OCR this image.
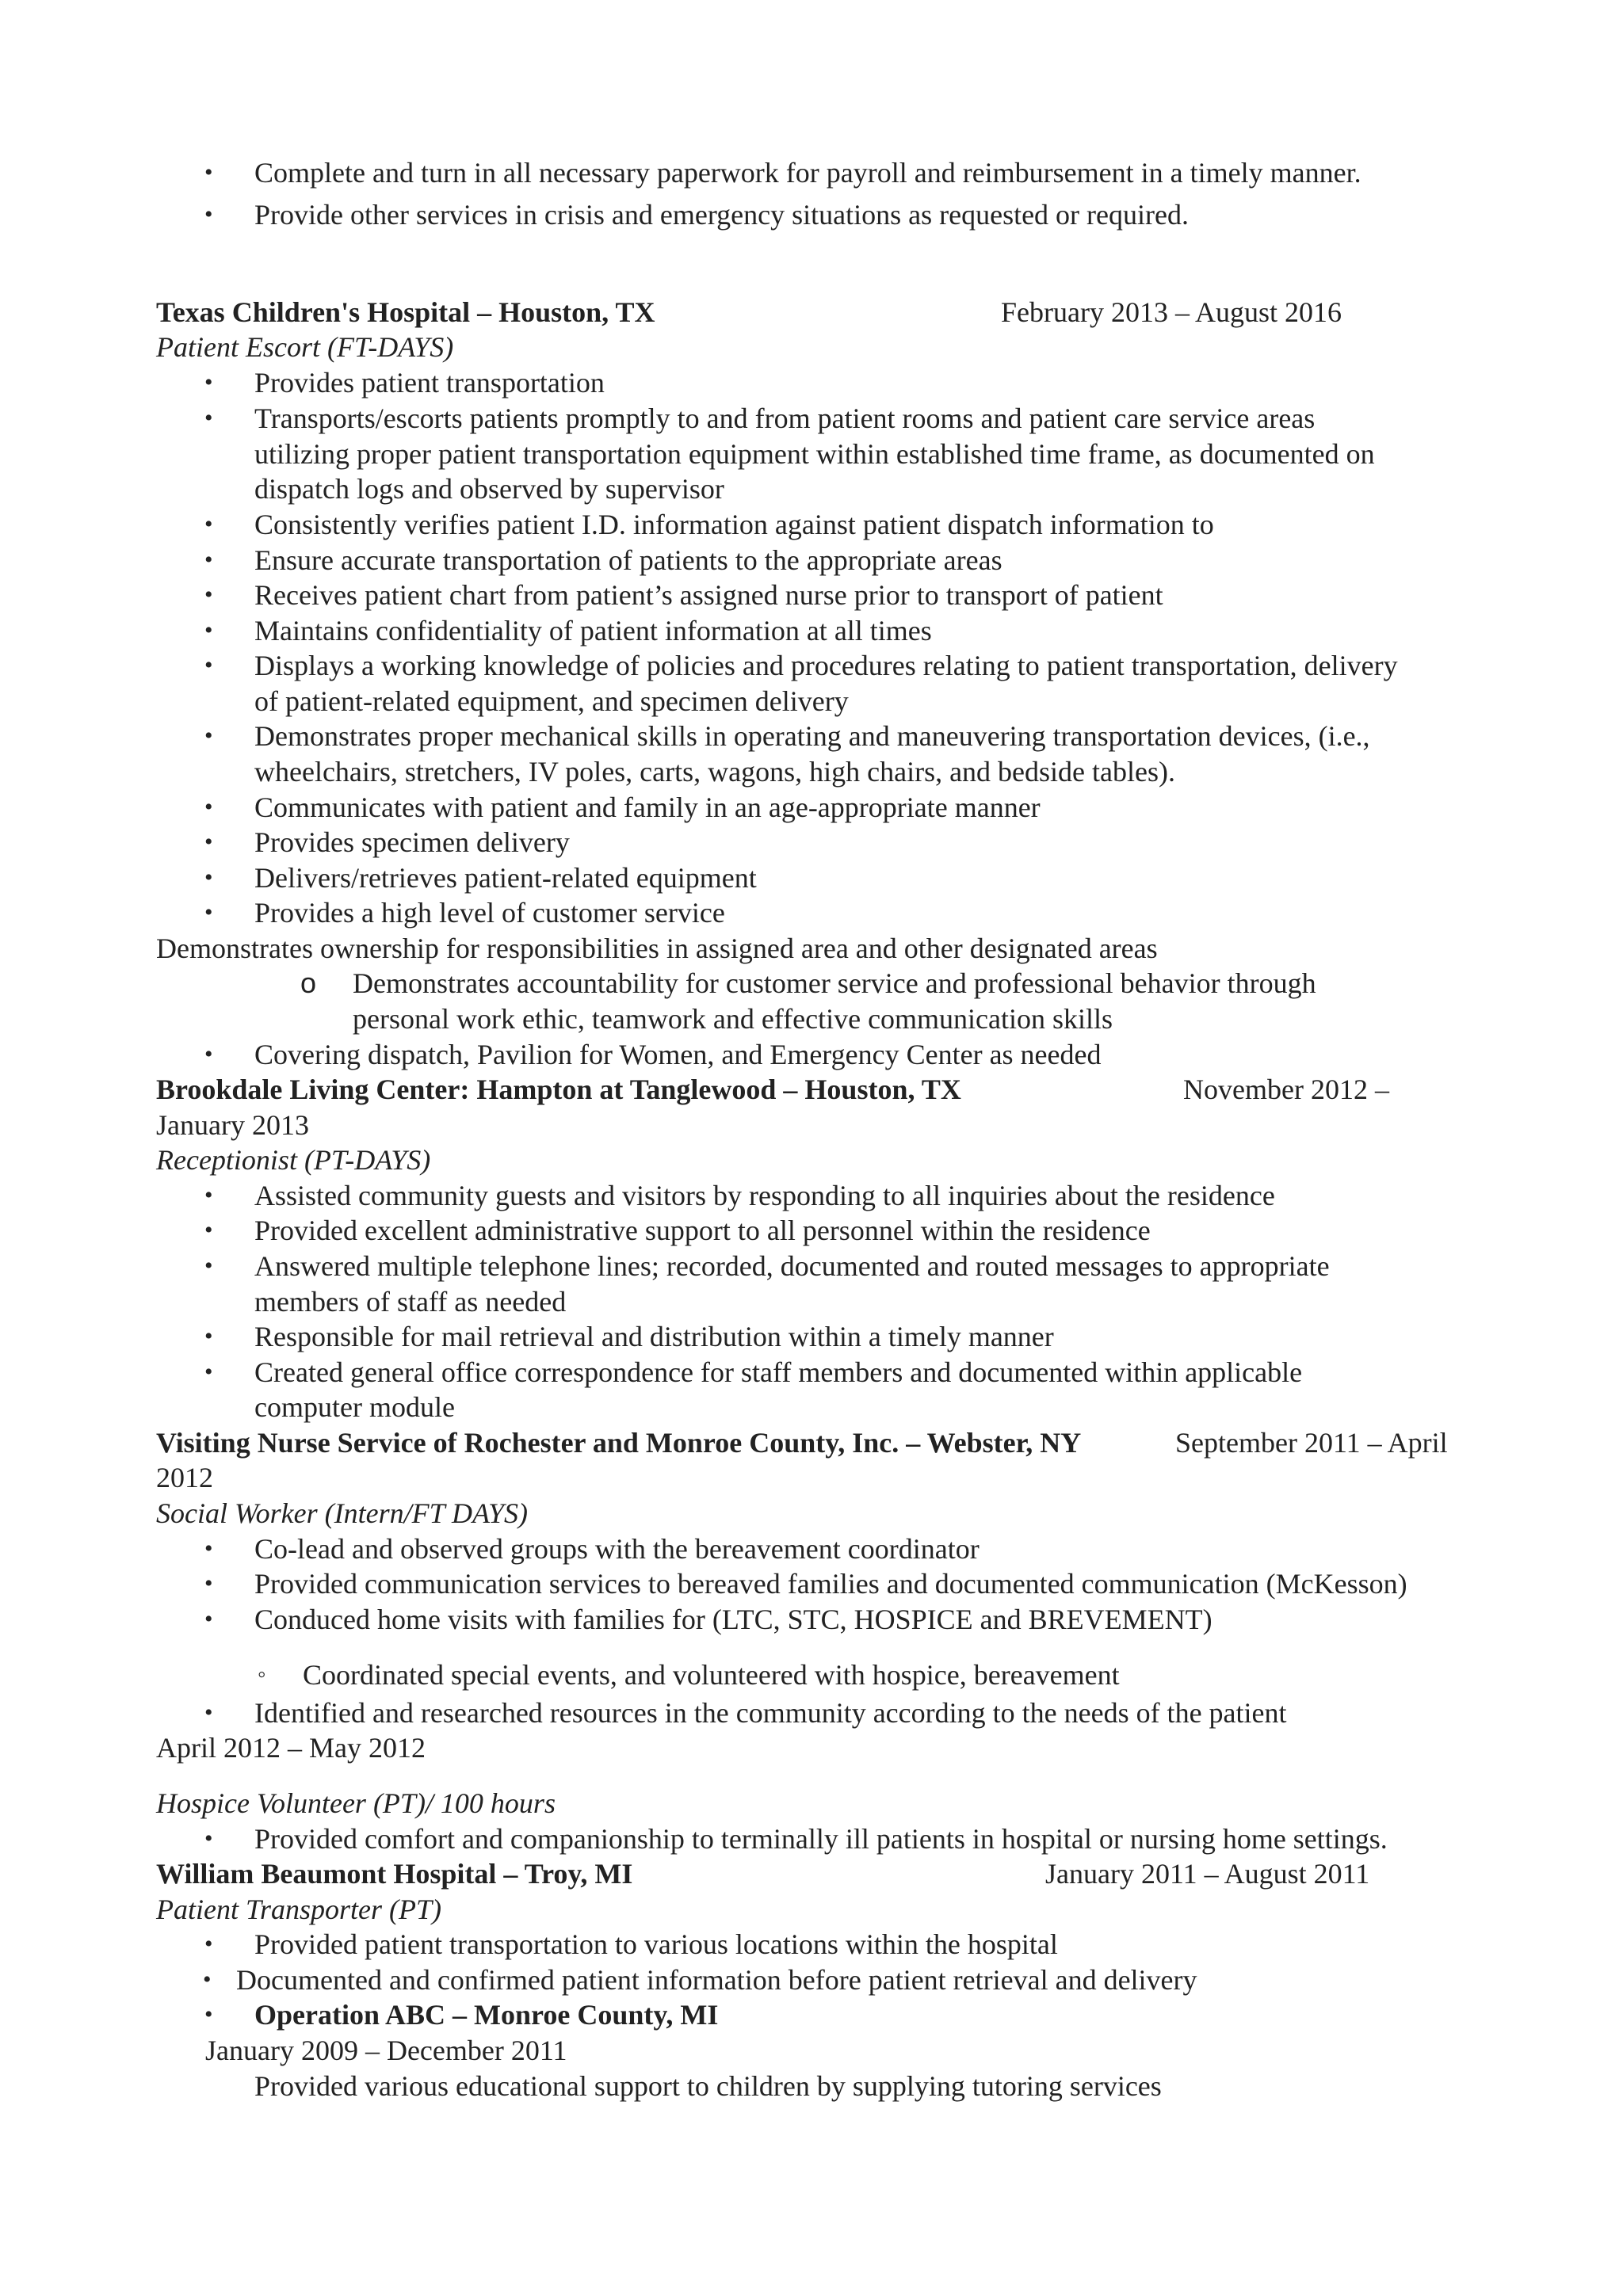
• Complete and turn in all necessary paperwork for payroll and reimbursement in a timely manner.
• Provide other services in crisis and emergency situations as requested or required.
Texas Children's Hospital – Houston, TX	February 2013 – August 2016
Patient Escort (FT-DAYS)
• Provides patient transportation
• Transports/escorts patients promptly to and from patient rooms and patient care service areas
utilizing proper patient transportation equipment within established time frame, as documented on
dispatch logs and observed by supervisor
• Consistently verifies patient I.D. information against patient dispatch information to
• Ensure accurate transportation of patients to the appropriate areas
• Receives patient chart from patient’s assigned nurse prior to transport of patient
• Maintains confidentiality of patient information at all times
• Displays a working knowledge of policies and procedures relating to patient transportation, delivery
of patient-related equipment, and specimen delivery
• Demonstrates proper mechanical skills in operating and maneuvering transportation devices, (i.e.,
wheelchairs, stretchers, IV poles, carts, wagons, high chairs, and bedside tables).
• Communicates with patient and family in an age-appropriate manner
• Provides specimen delivery
• Delivers/retrieves patient-related equipment
• Provides a high level of customer service
Demonstrates ownership for responsibilities in assigned area and other designated areas
o Demonstrates accountability for customer service and professional behavior through
personal work ethic, teamwork and effective communication skills
• Covering dispatch, Pavilion for Women, and Emergency Center as needed
Brookdale Living Center: Hampton at Tanglewood – Houston, TX	November 2012 –
January 2013
Receptionist (PT-DAYS)
• Assisted community guests and visitors by responding to all inquiries about the residence
• Provided excellent administrative support to all personnel within the residence
• Answered multiple telephone lines; recorded, documented and routed messages to appropriate
members of staff as needed
• Responsible for mail retrieval and distribution within a timely manner
• Created general office correspondence for staff members and documented within applicable
computer module
Visiting Nurse Service of Rochester and Monroe County, Inc. – Webster, NY	September 2011 – April
2012
Social Worker (Intern/FT DAYS)
• Co-lead and observed groups with the bereavement coordinator
• Provided communication services to bereaved families and documented communication (McKesson)
• Conduced home visits with families for (LTC, STC, HOSPICE and BREVEMENT)
◦ Coordinated special events, and volunteered with hospice, bereavement
• Identified and researched resources in the community according to the needs of the patient
April 2012 – May 2012
Hospice Volunteer (PT)/ 100 hours
• Provided comfort and companionship to terminally ill patients in hospital or nursing home settings.
William Beaumont Hospital – Troy, MI	January 2011 – August 2011
Patient Transporter (PT)
• Provided patient transportation to various locations within the hospital
• Documented and confirmed patient information before patient retrieval and delivery
• Operation ABC – Monroe County, MI
January 2009 – December 2011
Provided various educational support to children by supplying tutoring services
